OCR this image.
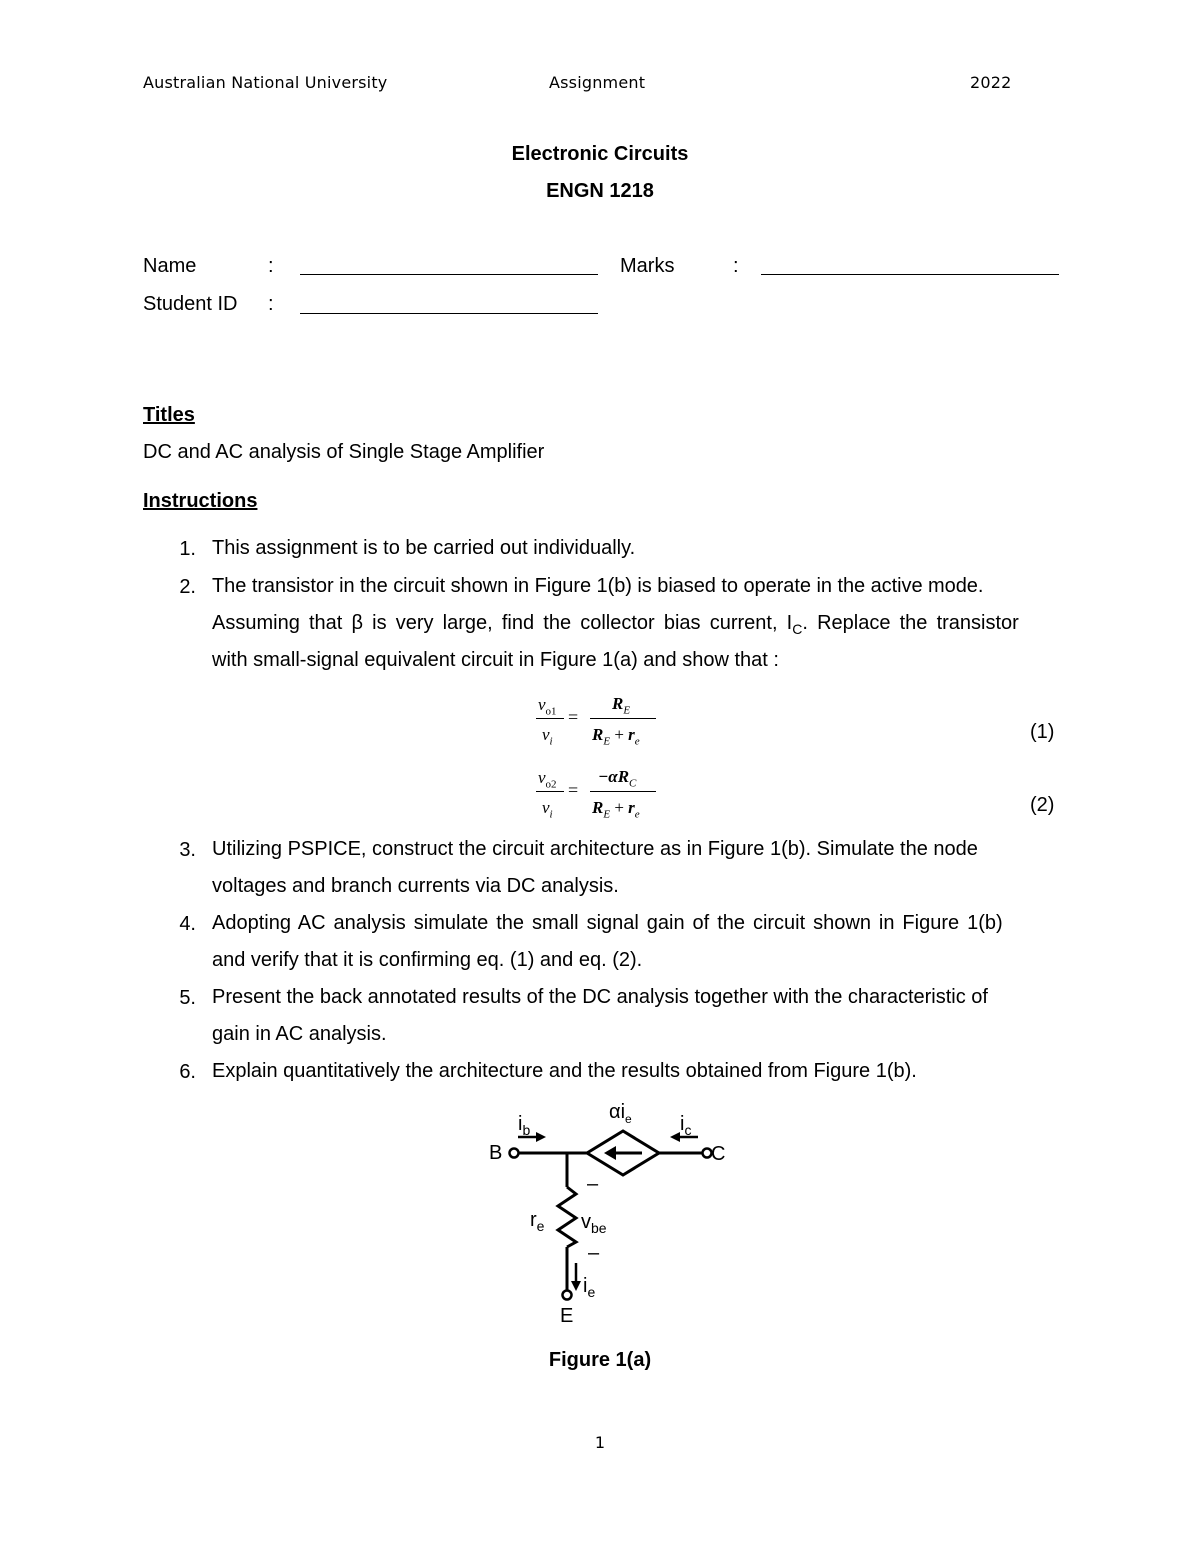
Australian National University	Assignment	2022
Electronic Circuits
ENGN 1218
Name	:	Marks	:
Student ID :
Titles
DC and AC analysis of Single Stage Amplifier
Instructions
1. This assignment is to be carried out individually.
2. The transistor in the circuit shown in Figure 1(b) is biased to operate in the active mode.
Assuming that β is very large, find the collector bias current, $I_C$. Replace the transistor
with small-signal equivalent circuit in Figure 1(a) and show that :
$v_{o1}$
$v_i$
=
$R_E$
$R_E + r_e$	(1)
$v_{o2}$
$v_i$
=
$-\alpha R_C$
$R_E + r_e$	(2)
3. Utilizing PSPICE, construct the circuit architecture as in Figure 1(b). Simulate the node
voltages and branch currents via DC analysis.
4. Adopting AC analysis simulate the small signal gain of the circuit shown in Figure 1(b)
and verify that it is confirming eq. (1) and eq. (2).
5. Present the back annotated results of the DC analysis together with the characteristic of
gain in AC analysis.
6. Explain quantitatively the architecture and the results obtained from Figure 1(b).
B	C
E
$i_b$	$i_c$
$\alpha i_e$
$r_e$ $v_{be}$
–
–
$i_e$
Figure 1(a)
1
